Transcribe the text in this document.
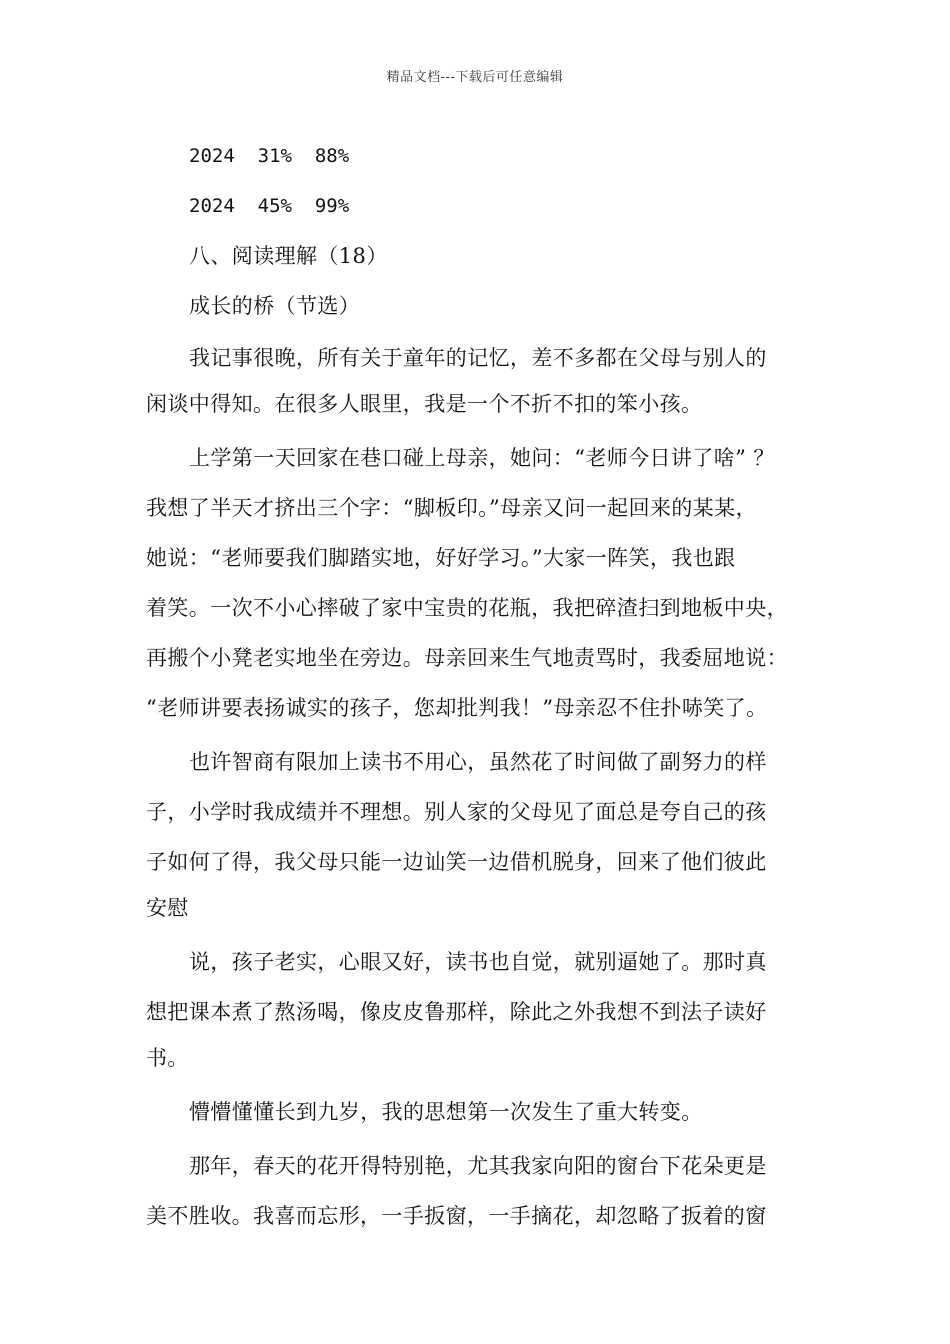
精品文档---下载后可任意编辑
2024  31%  88%
2024  45%  99%
八、阅读理解（18）
成长的桥（节选）
我记事很晚，所有关于童年的记忆，差不多都在父母与别人的
闲谈中得知。在很多人眼里，我是一个不折不扣的笨小孩。
上学第一天回家在巷口碰上母亲，她问：“老师今日讲了啥” ？
我想了半天才挤出三个字：“脚板印。”母亲又问一起回来的某某，
她说：“老师要我们脚踏实地，好好学习。”大家一阵笑，我也跟
着笑。一次不小心摔破了家中宝贵的花瓶，我把碎渣扫到地板中央，
再搬个小凳老实地坐在旁边。母亲回来生气地责骂时，我委屈地说：
“老师讲要表扬诚实的孩子，您却批判我！”母亲忍不住扑哧笑了。
也许智商有限加上读书不用心，虽然花了时间做了副努力的样
子，小学时我成绩并不理想。别人家的父母见了面总是夸自己的孩
子如何了得，我父母只能一边讪笑一边借机脱身，回来了他们彼此
安慰
说，孩子老实，心眼又好，读书也自觉，就别逼她了。那时真
想把课本煮了熬汤喝，像皮皮鲁那样，除此之外我想不到法子读好
书。
懵懵懂懂长到九岁，我的思想第一次发生了重大转变。
那年，春天的花开得特别艳，尤其我家向阳的窗台下花朵更是
美不胜收。我喜而忘形，一手扳窗，一手摘花，却忽略了扳着的窗
